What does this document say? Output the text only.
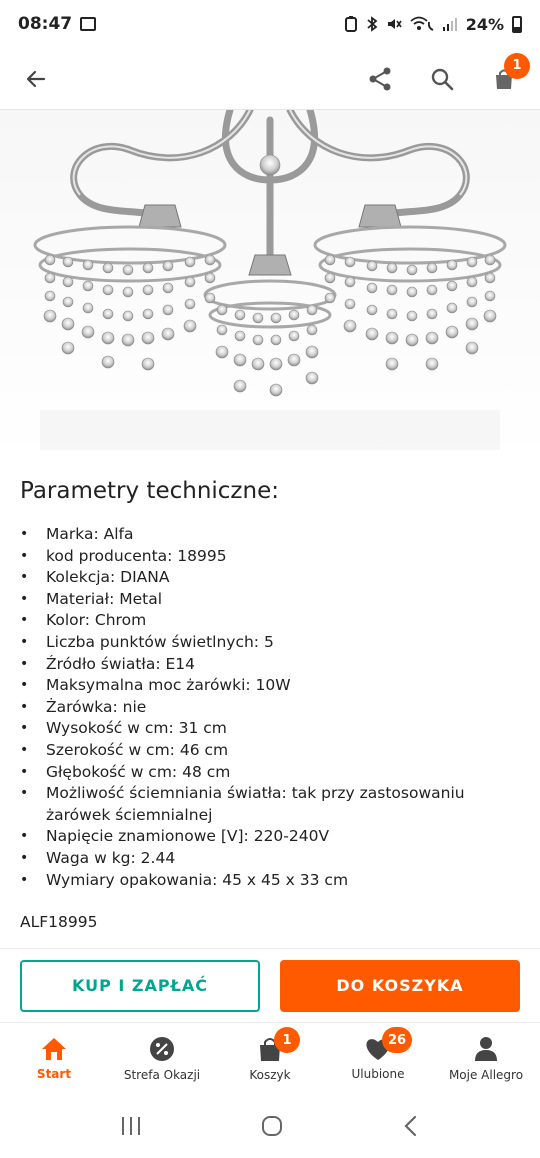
08:47	24%
1
Parametry techniczne:
• Marka: Alfa
• kod producenta: 18995
• Kolekcja: DIANA
• Materiał: Metal
• Kolor: Chrom
• Liczba punktów świetlnych: 5
• Źródło światła: E14
• Maksymalna moc żarówki: 10W
• Żarówka: nie
• Wysokość w cm: 31 cm
• Szerokość w cm: 46 cm
• Głębokość w cm: 48 cm
• Możliwość ściemniania światła: tak przy zastosowaniu żarówek ściemnialnej
• Napięcie znamionowe [V]: 220-240V
• Waga w kg: 2.44
• Wymiary opakowania: 45 x 45 x 33 cm

ALF18995

KUP I ZAPŁAĆ	DO KOSZYKA
Start	Strefa Okazji	Koszyk
1
Ulubione
26
Moje Allegro
